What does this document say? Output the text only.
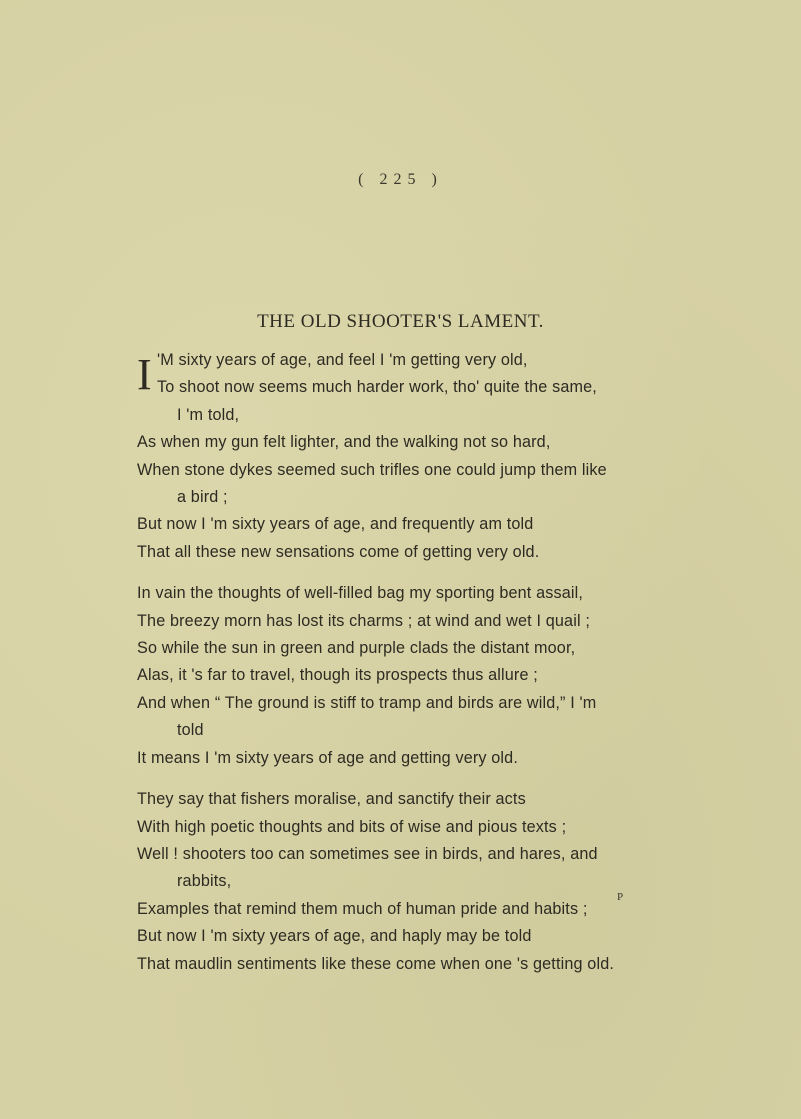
( 225 )
THE OLD SHOOTER'S LAMENT.
I 'M sixty years of age, and feel I 'm getting very old,
To shoot now seems much harder work, tho' quite the same,
I 'm told,
As when my gun felt lighter, and the walking not so hard,
When stone dykes seemed such trifles one could jump them like
a bird ;
But now I 'm sixty years of age, and frequently am told
That all these new sensations come of getting very old.
In vain the thoughts of well-filled bag my sporting bent assail,
The breezy morn has lost its charms ; at wind and wet I quail ;
So while the sun in green and purple clads the distant moor,
Alas, it 's far to travel, though its prospects thus allure ;
And when “ The ground is stiff to tramp and birds are wild,” I 'm
told
It means I 'm sixty years of age and getting very old.
They say that fishers moralise, and sanctify their acts
With high poetic thoughts and bits of wise and pious texts ;
Well ! shooters too can sometimes see in birds, and hares, and
rabbits,
Examples that remind them much of human pride and habits ;
But now I 'm sixty years of age, and haply may be told
That maudlin sentiments like these come when one 's getting old.
P
